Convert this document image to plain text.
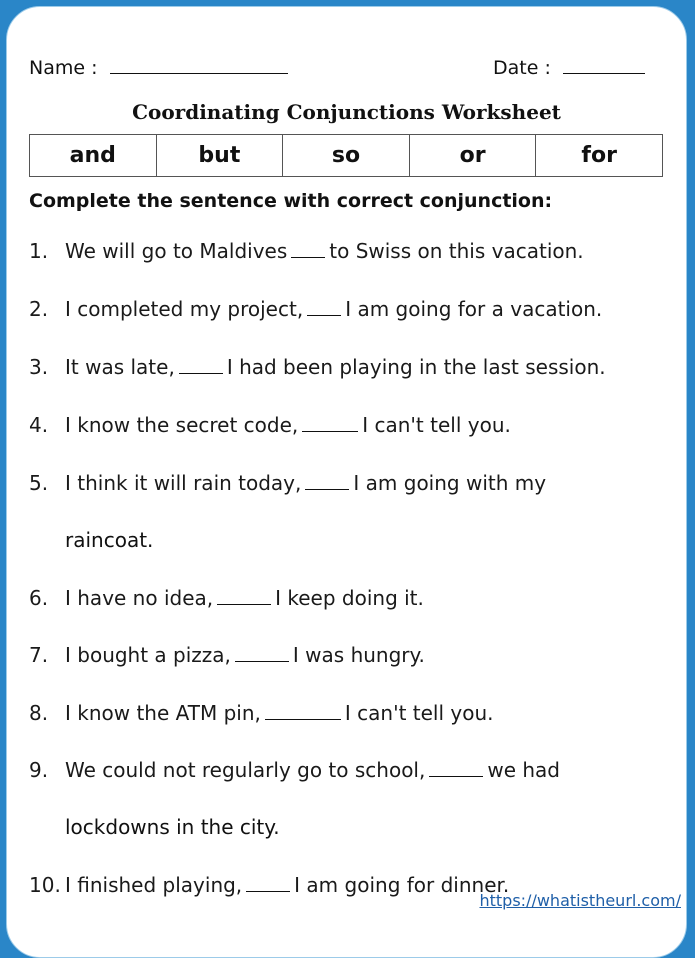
Name :	Date :
Coordinating Conjunctions Worksheet
and	but	so	or	for
Complete the sentence with correct conjunction:
1. We will go to Maldives to Swiss on this vacation.
2. I completed my project, I am going for a vacation.
3. It was late,	I had been playing in the last session.
4. I know the secret code,	I can't tell you.
5. I think it will rain today,	I am going with my
raincoat.
6. I have no idea,	I keep doing it.
7. I bought a pizza,	I was hungry.
8. I know the ATM pin,	I can't tell you.
9. We could not regularly go to school,	we had
lockdowns in the city.
10. I finished playing,	I am going for dinner.
https://whatistheurl.com/
